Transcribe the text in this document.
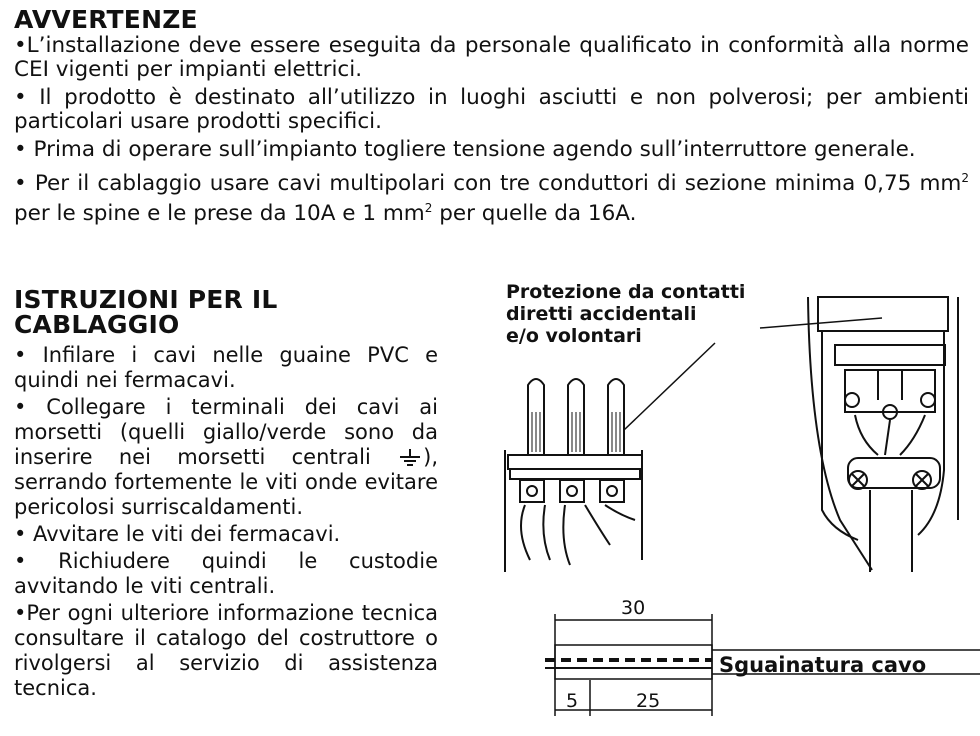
AVVERTENZE

•L’installazione deve essere eseguita da personale qualificato in conformità alla norme CEI vigenti per impianti elettrici.

• Il prodotto è destinato all’utilizzo in luoghi asciutti e non polverosi; per ambienti particolari usare prodotti specifici.

• Prima di operare sull’impianto togliere tensione agendo sull’interruttore generale.

• Per il cablaggio usare cavi multipolari con tre conduttori di sezione minima 0,75 $mm^2$ per le spine e le prese da 10A e 1 $mm^2$ per quelle da 16A.

ISTRUZIONI PER IL
CABLAGGIO

• Infilare i cavi nelle guaine PVC e quindi nei fermacavi.

• Collegare i terminali dei cavi ai morsetti (quelli giallo/verde sono da inserire nei morsetti centrali ), serrando fortemente le viti onde evitare pericolosi surriscaldamenti.

• Avvitare le viti dei fermacavi.

• Richiudere quindi le custodie avvitando le viti centrali.

•Per ogni ulteriore informazione tecnica consultare il catalogo del costruttore o rivolgersi al servizio di assistenza tecnica.

Protezione da contatti
diretti accidentali
e/o volontari
30
5	25
Sguainatura cavo
